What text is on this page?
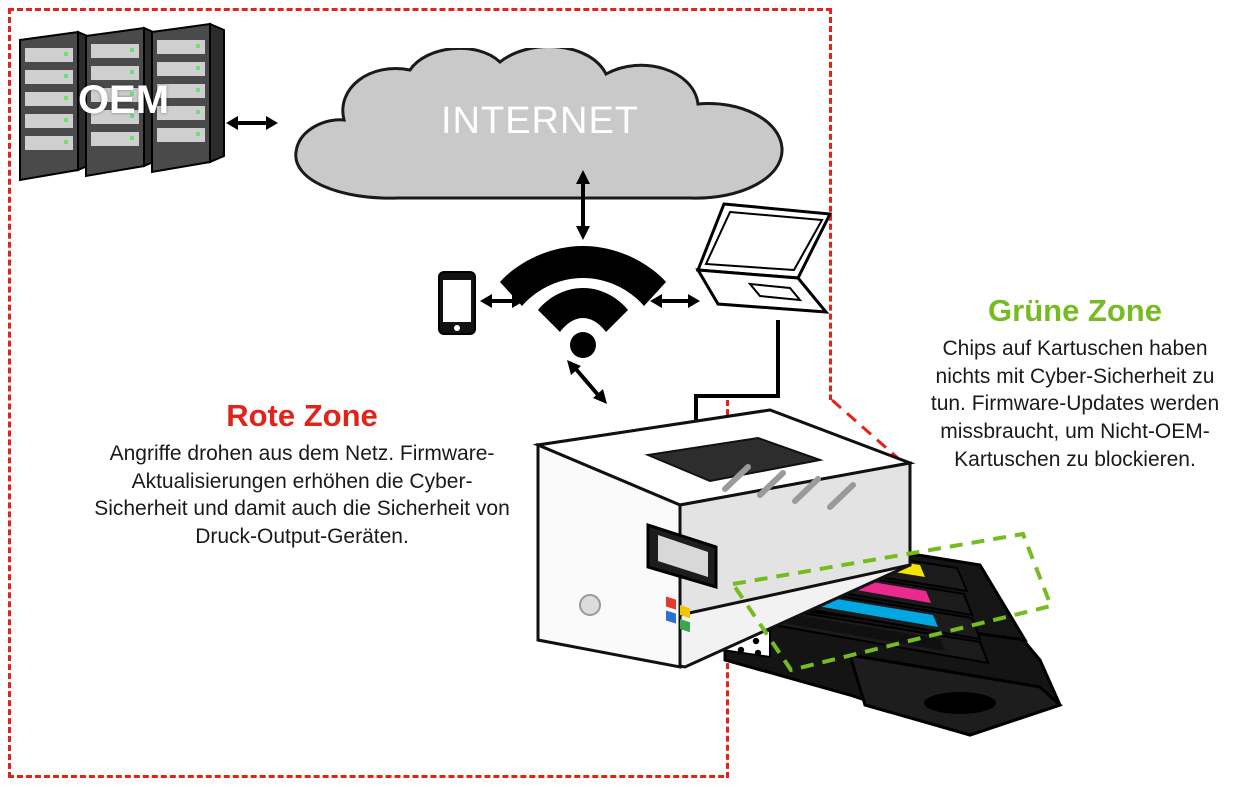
OEM	INTERNET
Rote Zone
Angriffe drohen aus dem Netz. Firmware-Aktualisierungen erhöhen die Cyber-Sicherheit und damit auch die Sicherheit von Druck-Output-Geräten.
Grüne Zone
Chips auf Kartuschen haben nichts mit Cyber-Sicherheit zu tun. Firmware-Updates werden missbraucht, um Nicht-OEM-Kartuschen zu blockieren.
